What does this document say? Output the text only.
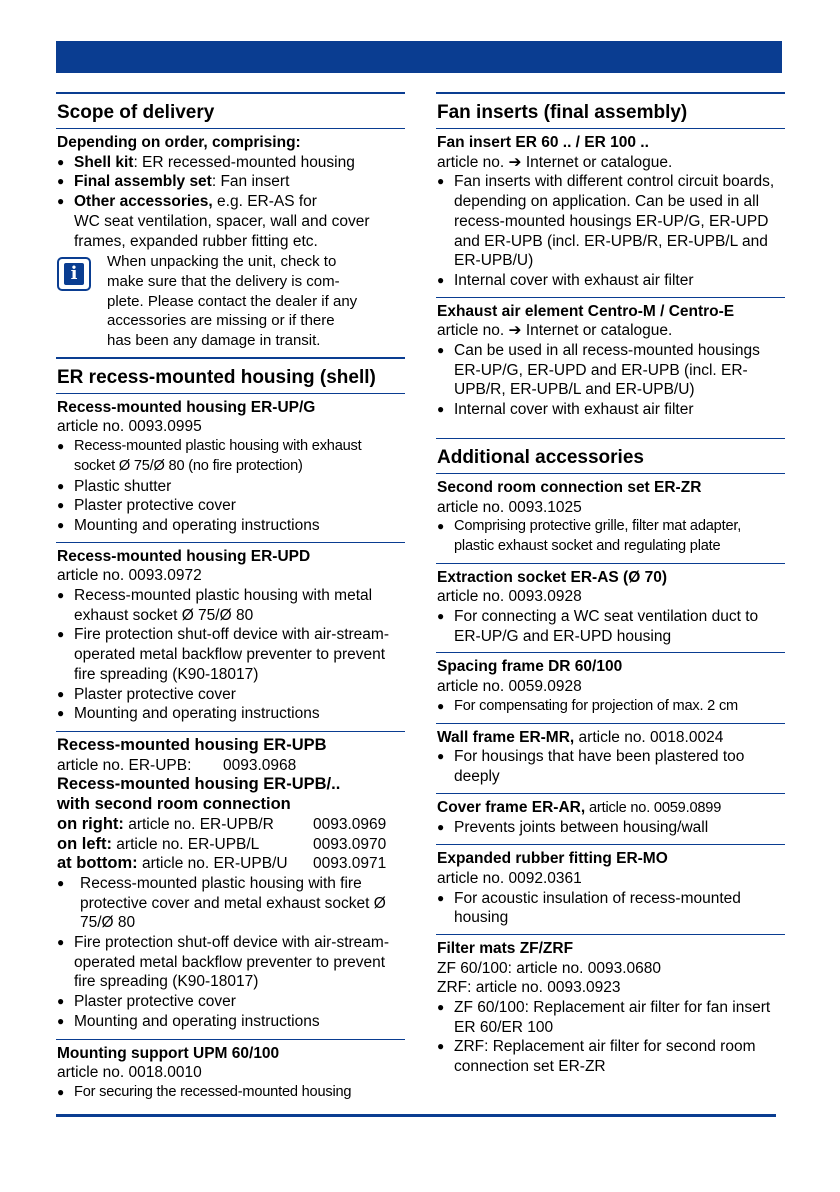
Scope of delivery
Depending on order, comprising:
● Shell kit: ER recessed-mounted housing
● Final assembly set: Fan insert
● Other accessories, e.g. ER-AS for
WC seat ventilation, spacer, wall and cover frames, expanded rubber fitting etc.
i
When unpacking the unit, check to
make sure that the delivery is com-
plete. Please contact the dealer if any
accessories are missing or if there
has been any damage in transit.
ER recess-mounted housing (shell)
Recess-mounted housing ER-UP/G
article no. 0093.0995
● Recess-mounted plastic housing with exhaust socket Ø 75/Ø 80 (no fire protection)
● Plastic shutter
● Plaster protective cover
● Mounting and operating instructions
Recess-mounted housing ER-UPD
article no. 0093.0972
● Recess-mounted plastic housing with metal exhaust socket Ø 75/Ø 80
● Fire protection shut-off device with air-stream-operated metal backflow preventer to prevent fire spreading (K90-18017)
● Plaster protective cover
● Mounting and operating instructions
Recess-mounted housing ER-UPB
article no. ER-UPB:	0093.0968
Recess-mounted housing ER-UPB/..
with second room connection
on right: article no. ER-UPB/R	0093.0969
on left: article no. ER-UPB/L	0093.0970
at bottom: article no. ER-UPB/U	0093.0971
● Recess-mounted plastic housing with fire protective cover and metal exhaust socket Ø 75/Ø 80
● Fire protection shut-off device with air-stream-operated metal backflow preventer to prevent fire spreading (K90-18017)
● Plaster protective cover
● Mounting and operating instructions
Mounting support UPM 60/100
article no. 0018.0010
● For securing the recessed-mounted housing
Fan inserts (final assembly)
Fan insert ER 60 .. / ER 100 ..
article no. ➔ Internet or catalogue.
● Fan inserts with different control circuit boards, depending on application. Can be used in all recess-mounted housings ER-UP/G, ER-UPD and ER-UPB (incl. ER-UPB/R, ER-UPB/L and ER-UPB/U)
● Internal cover with exhaust air filter
Exhaust air element Centro-M / Centro-E
article no. ➔ Internet or catalogue.
● Can be used in all recess-mounted housings ER-UP/G, ER-UPD and ER-UPB (incl. ER-UPB/R, ER-UPB/L and ER-UPB/U)
● Internal cover with exhaust air filter
Additional accessories
Second room connection set ER-ZR
article no. 0093.1025
● Comprising protective grille, filter mat adapter, plastic exhaust socket and regulating plate
Extraction socket ER-AS (Ø 70)
article no. 0093.0928
● For connecting a WC seat ventilation duct to ER-UP/G and ER-UPD housing
Spacing frame DR 60/100
article no. 0059.0928
● For compensating for projection of max. 2 cm
Wall frame ER-MR, article no. 0018.0024
● For housings that have been plastered too deeply
Cover frame ER-AR, article no. 0059.0899
● Prevents joints between housing/wall
Expanded rubber fitting ER-MO
article no. 0092.0361
● For acoustic insulation of recess-mounted housing
Filter mats ZF/ZRF
ZF 60/100: article no. 0093.0680
ZRF: article no. 0093.0923
● ZF 60/100: Replacement air filter for fan insert ER 60/ER 100
● ZRF: Replacement air filter for second room connection set ER-ZR
